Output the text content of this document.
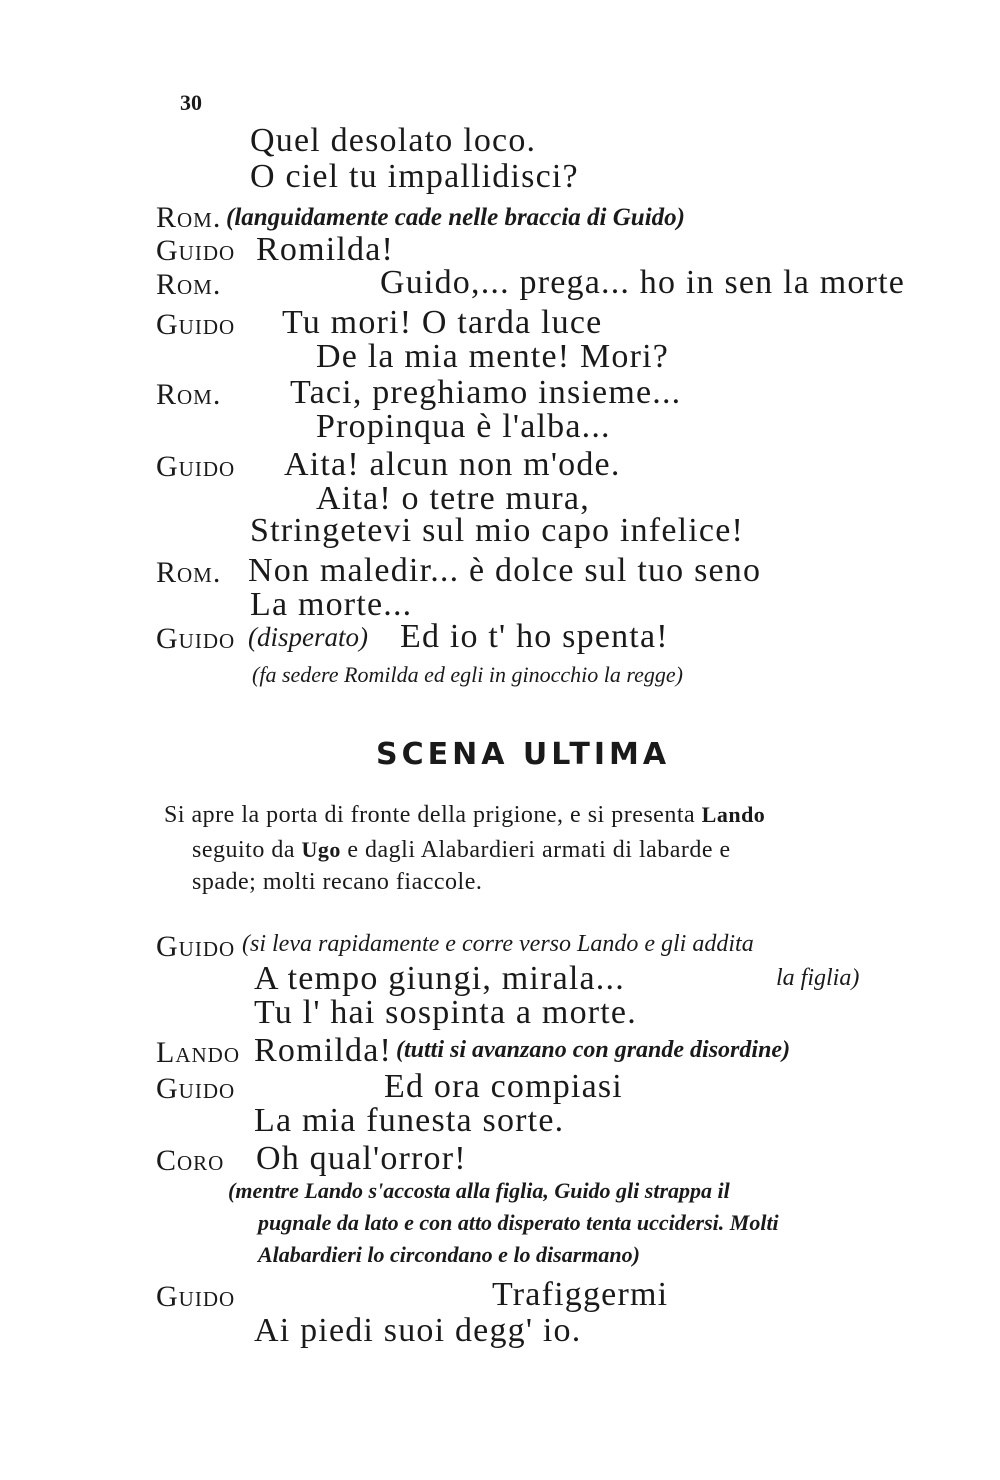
30
Quel desolato loco.
O ciel tu impallidisci?
Rom. (languidamente cade nelle braccia di Guido)
Guido Romilda!
Rom.	Guido,... prega... ho in sen la morte
Guido Tu mori! O tarda luce
De la mia mente! Mori?
Rom. Taci, preghiamo insieme...
Propinqua è l'alba...
Guido Aita! alcun non m'ode.
Aita! o tetre mura,
Stringetevi sul mio capo infelice!
Rom. Non maledir... è dolce sul tuo seno
La morte...
Guido (disperato) Ed io t' ho spenta!
(fa sedere Romilda ed egli in ginocchio la regge)
SCENA ULTIMA
Si apre la porta di fronte della prigione, e si presenta Lando
seguito da Ugo e dagli Alabardieri armati di labarde e
spade; molti recano fiaccole.
Guido (si leva rapidamente e corre verso Lando e gli addita
A tempo giungi, mirala...	la figlia)
Tu l' hai sospinta a morte.
Lando Romilda! (tutti si avanzano con grande disordine)
Guido	Ed ora compiasi
La mia funesta sorte.
Coro Oh qual'orror!
(mentre Lando s'accosta alla figlia, Guido gli strappa il
pugnale da lato e con atto disperato tenta uccidersi. Molti
Alabardieri lo circondano e lo disarmano)
Guido	Trafiggermi
Ai piedi suoi degg' io.
